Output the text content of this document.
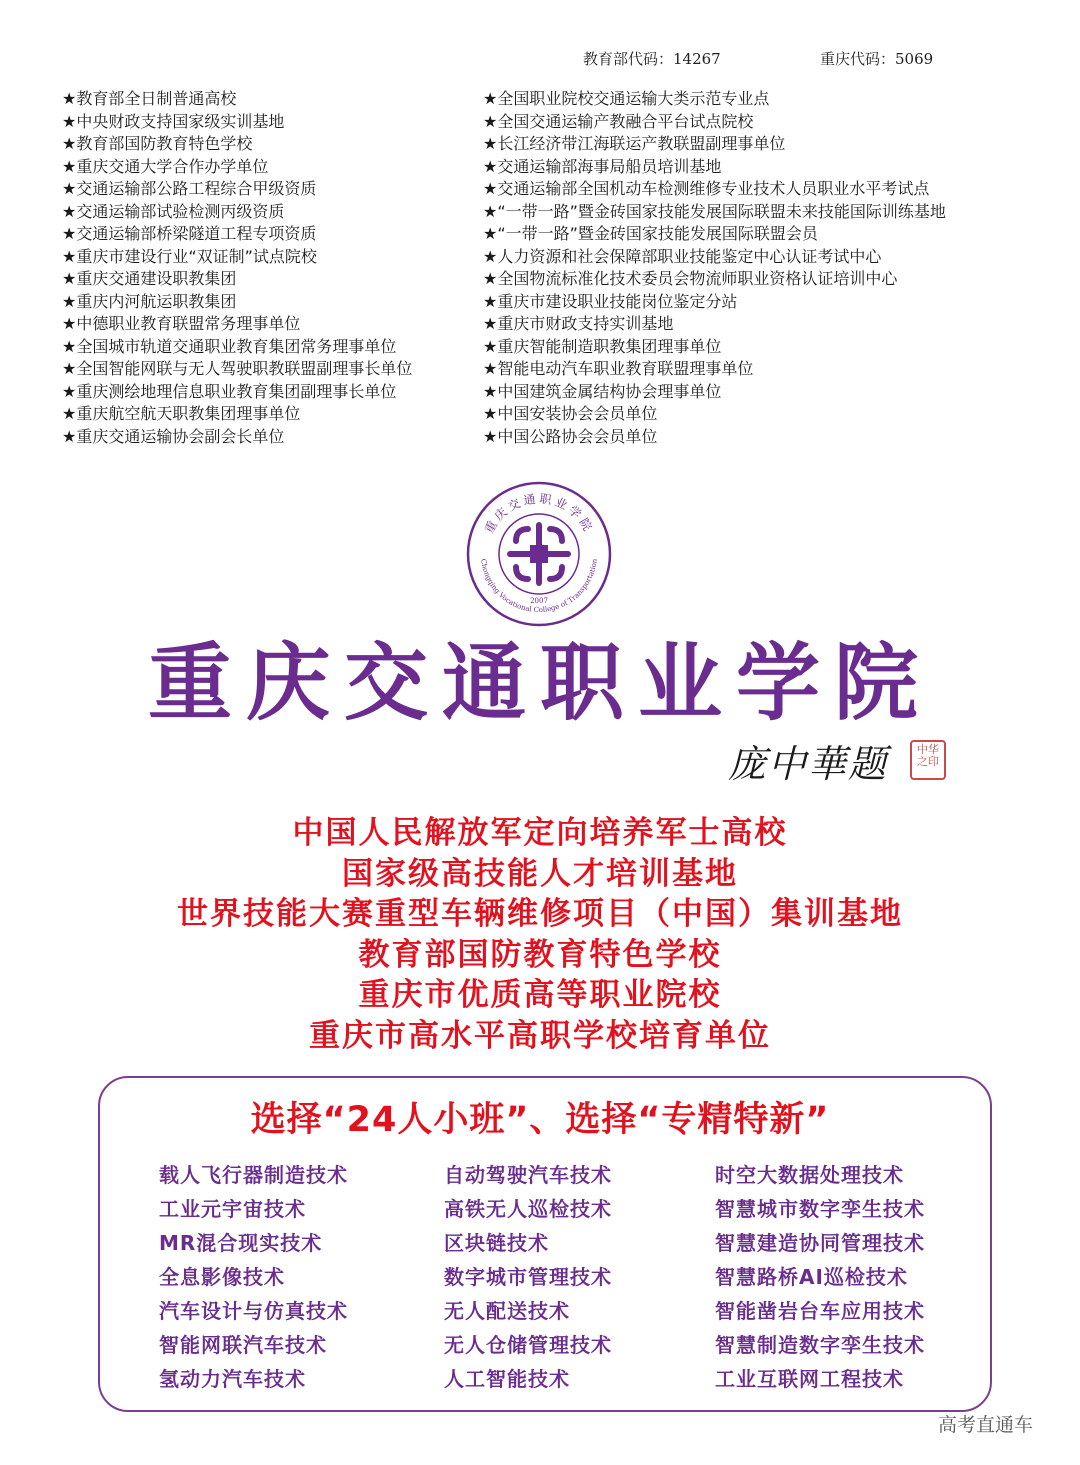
教育部代码：14267	重庆代码：5069
★教育部全日制普通高校
★中央财政支持国家级实训基地
★教育部国防教育特色学校
★重庆交通大学合作办学单位
★交通运输部公路工程综合甲级资质
★交通运输部试验检测丙级资质
★交通运输部桥梁隧道工程专项资质
★重庆市建设行业“双证制”试点院校
★重庆交通建设职教集团
★重庆内河航运职教集团
★中德职业教育联盟常务理事单位
★全国城市轨道交通职业教育集团常务理事单位
★全国智能网联与无人驾驶职教联盟副理事长单位
★重庆测绘地理信息职业教育集团副理事长单位
★重庆航空航天职教集团理事单位
★重庆交通运输协会副会长单位
★全国职业院校交通运输大类示范专业点
★全国交通运输产教融合平台试点院校
★长江经济带江海联运产教联盟副理事单位
★交通运输部海事局船员培训基地
★交通运输部全国机动车检测维修专业技术人员职业水平考试点
★“一带一路”暨金砖国家技能发展国际联盟未来技能国际训练基地
★“一带一路”暨金砖国家技能发展国际联盟会员
★人力资源和社会保障部职业技能鉴定中心认证考试中心
★全国物流标准化技术委员会物流师职业资格认证培训中心
★重庆市建设职业技能岗位鉴定分站
★重庆市财政支持实训基地
★重庆智能制造职教集团理事单位
★智能电动汽车职业教育联盟理事单位
★中国建筑金属结构协会理事单位
★中国安装协会会员单位
★中国公路协会会员单位
重庆交通职业学院
Chongqing Vocational College of Transportation
2007
重庆交通职业学院
庞中華题	中华之印
中国人民解放军定向培养军士高校
国家级高技能人才培训基地
世界技能大赛重型车辆维修项目（中国）集训基地
教育部国防教育特色学校
重庆市优质高等职业院校
重庆市高水平高职学校培育单位
选择“24人小班”、选择“专精特新”
载人飞行器制造技术
工业元宇宙技术
MR混合现实技术
全息影像技术
汽车设计与仿真技术
智能网联汽车技术
氢动力汽车技术
自动驾驶汽车技术
高铁无人巡检技术
区块链技术
数字城市管理技术
无人配送技术
无人仓储管理技术
人工智能技术
时空大数据处理技术
智慧城市数字孪生技术
智慧建造协同管理技术
智慧路桥AI巡检技术
智能凿岩台车应用技术
智慧制造数字孪生技术
工业互联网工程技术
高考直通车
